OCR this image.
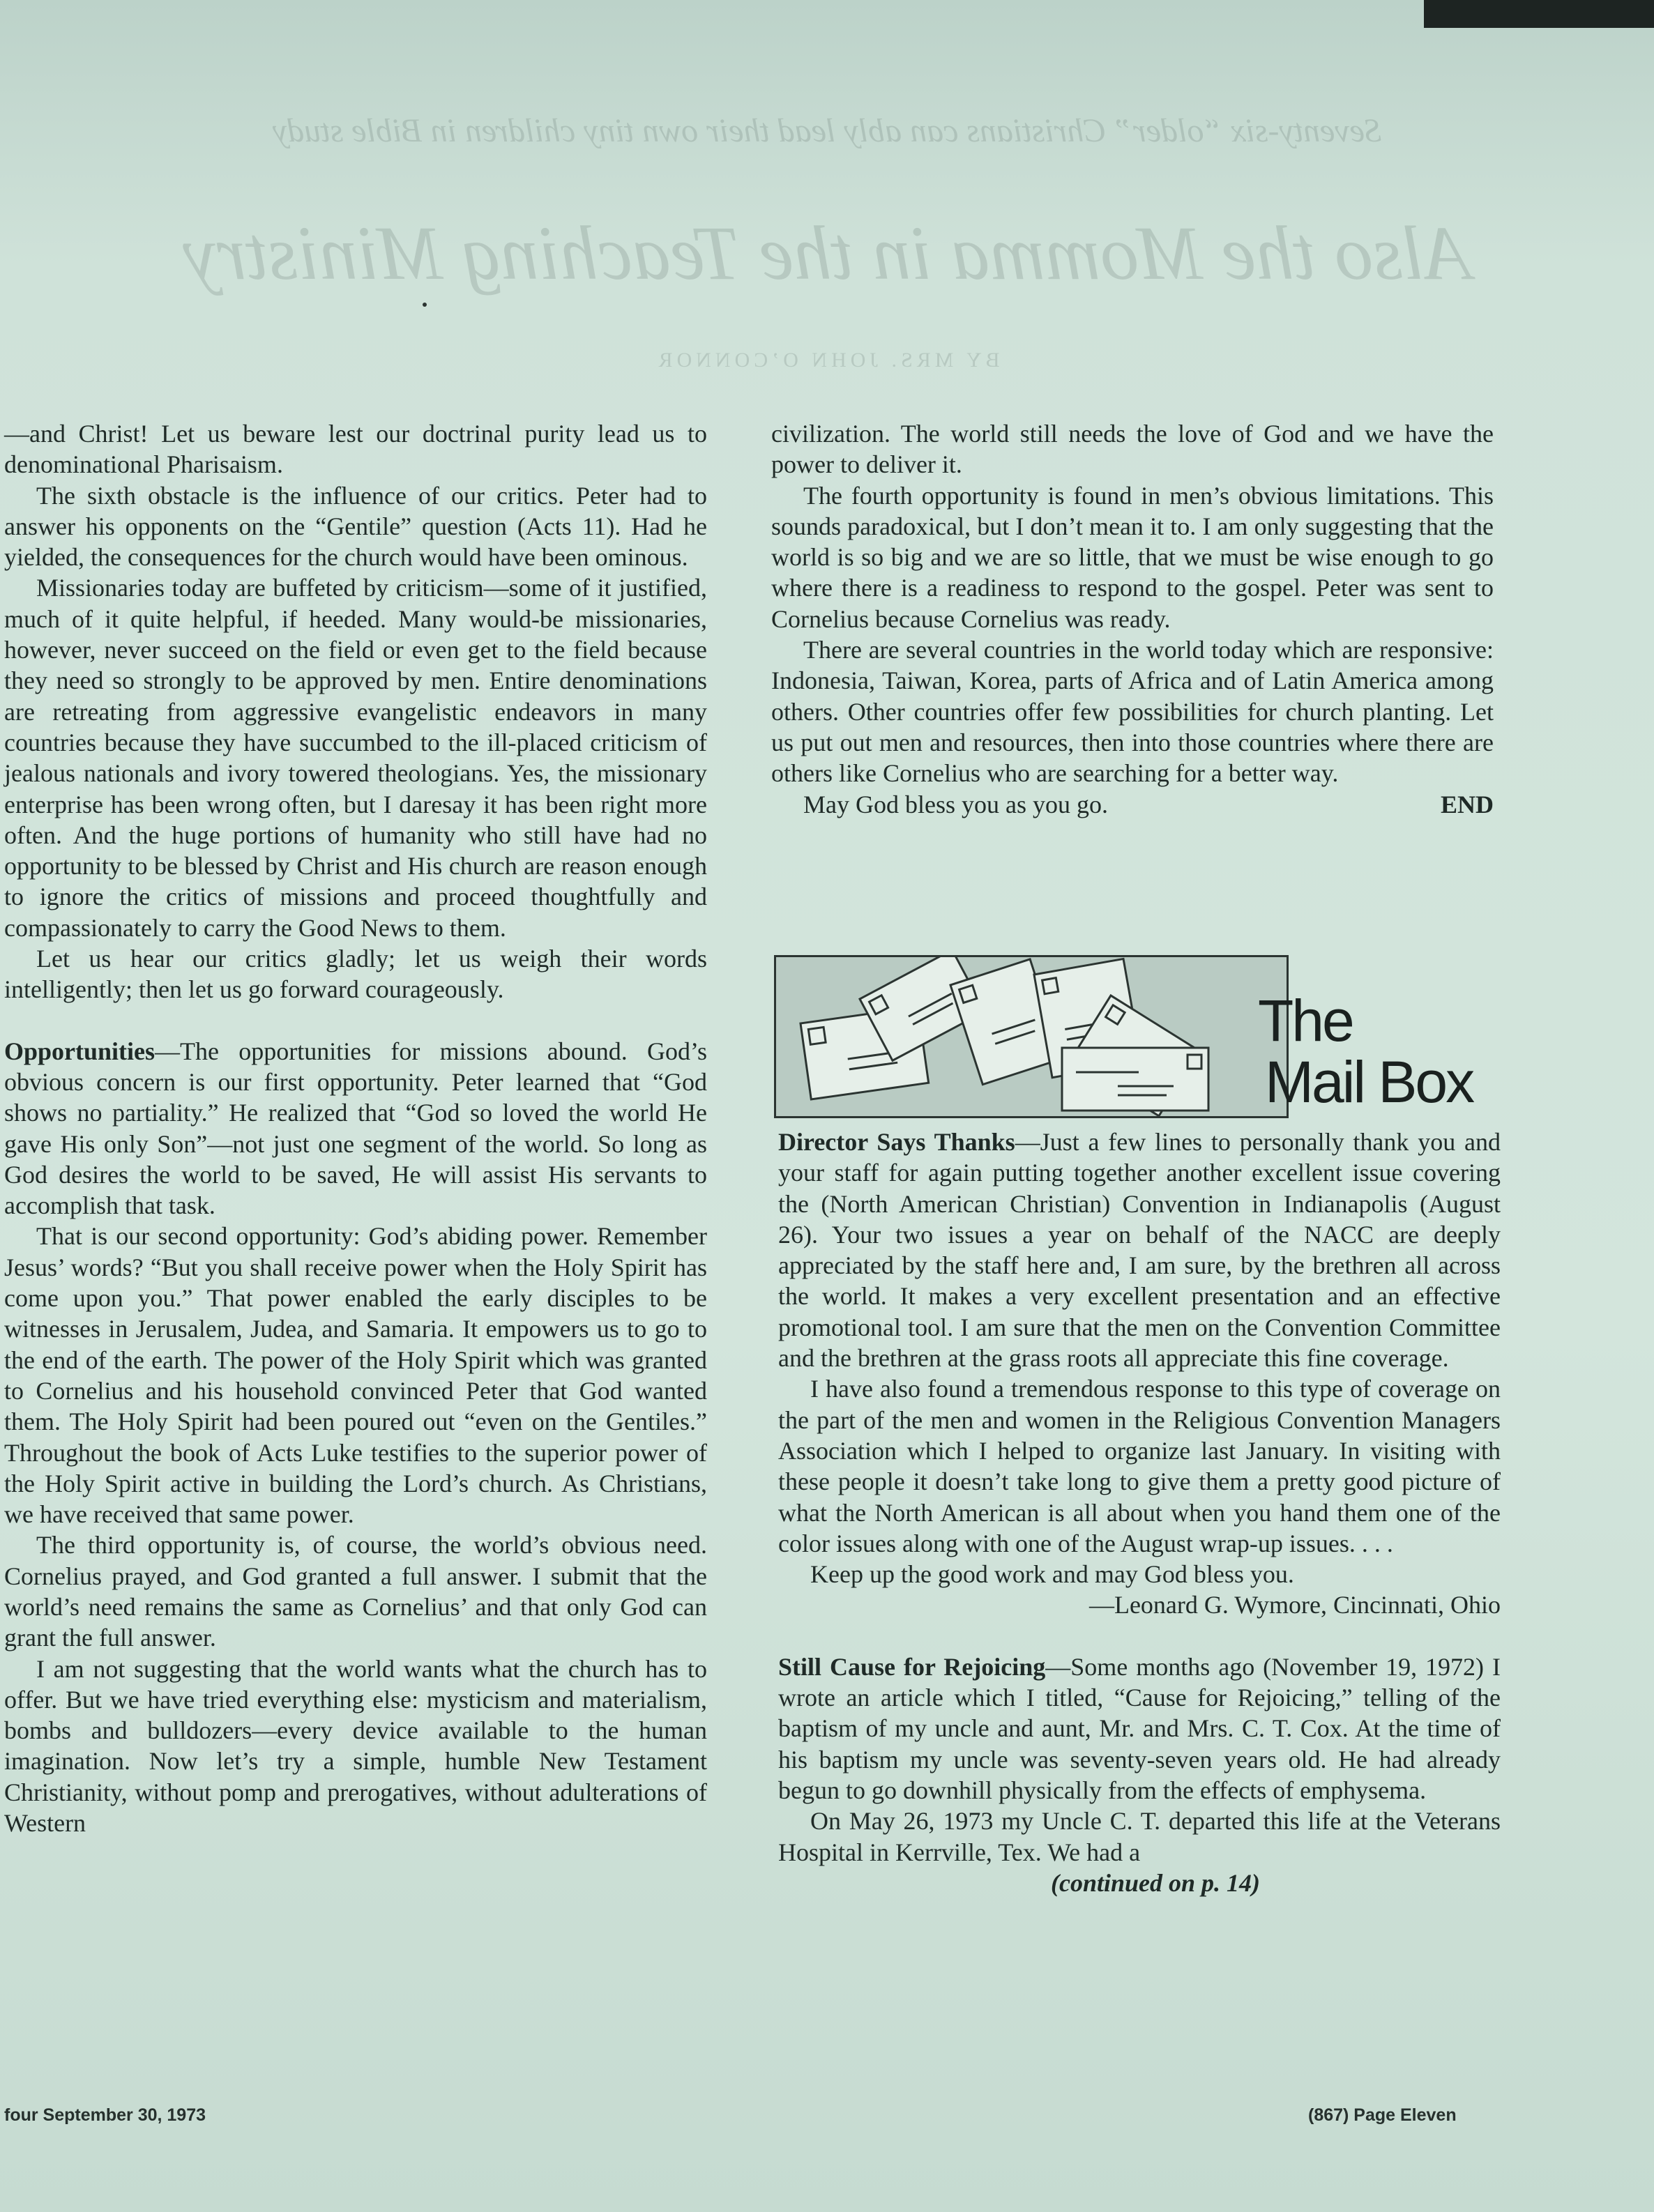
Seventy-six “older” Christians can ably lead their own tiny children in Bible study
Also the Momma in the Teaching Ministry
BY MRS. JOHN O’CONNOR

—and Christ! Let us beware lest our doctrinal purity lead us to denominational Pharisaism.

The sixth obstacle is the influence of our critics. Peter had to answer his opponents on the “Gentile” question (Acts 11). Had he yielded, the consequences for the church would have been ominous.

Missionaries today are buffeted by criticism—some of it justified, much of it quite helpful, if heeded. Many would-be missionaries, however, never succeed on the field or even get to the field because they need so strongly to be approved by men. Entire denominations are retreating from aggressive evangelistic endeavors in many countries because they have succumbed to the ill-placed criticism of jealous nationals and ivory towered theologians. Yes, the missionary enterprise has been wrong often, but I daresay it has been right more often. And the huge portions of humanity who still have had no opportunity to be blessed by Christ and His church are reason enough to ignore the critics of missions and proceed thoughtfully and compassionately to carry the Good News to them.

Let us hear our critics gladly; let us weigh their words intelligently; then let us go forward courageously.

Opportunities—The opportunities for missions abound. God’s obvious concern is our first opportunity. Peter learned that “God shows no partiality.” He realized that “God so loved the world He gave His only Son”—not just one segment of the world. So long as God desires the world to be saved, He will assist His servants to accomplish that task.

That is our second opportunity: God’s abiding power. Remember Jesus’ words? “But you shall receive power when the Holy Spirit has come upon you.” That power enabled the early disciples to be witnesses in Jerusalem, Judea, and Samaria. It empowers us to go to the end of the earth. The power of the Holy Spirit which was granted to Cornelius and his household convinced Peter that God wanted them. The Holy Spirit had been poured out “even on the Gentiles.” Throughout the book of Acts Luke testifies to the superior power of the Holy Spirit active in building the Lord’s church. As Christians, we have received that same power.

The third opportunity is, of course, the world’s obvious need. Cornelius prayed, and God granted a full answer. I submit that the world’s need remains the same as Cornelius’ and that only God can grant the full answer.

I am not suggesting that the world wants what the church has to offer. But we have tried everything else: mysticism and materialism, bombs and bulldozers—every device available to the human imagination. Now let’s try a simple, humble New Testament Christianity, without pomp and prerogatives, without adulterations of Western

civilization. The world still needs the love of God and we have the power to deliver it.

The fourth opportunity is found in men’s obvious limitations. This sounds paradoxical, but I don’t mean it to. I am only suggesting that the world is so big and we are so little, that we must be wise enough to go where there is a readiness to respond to the gospel. Peter was sent to Cornelius because Cornelius was ready.

There are several countries in the world today which are responsive: Indonesia, Taiwan, Korea, parts of Africa and of Latin America among others. Other countries offer few possibilities for church planting. Let us put out men and resources, then into those countries where there are others like Cornelius who are searching for a better way.

May God bless you as you go.	END
The
Mail Box

Director Says Thanks—Just a few lines to personally thank you and your staff for again putting together another excellent issue covering the (North American Christian) Convention in Indianapolis (August 26). Your two issues a year on behalf of the NACC are deeply appreciated by the staff here and, I am sure, by the brethren all across the world. It makes a very excellent presentation and an effective promotional tool. I am sure that the men on the Convention Committee and the brethren at the grass roots all appreciate this fine coverage.

I have also found a tremendous response to this type of coverage on the part of the men and women in the Religious Convention Managers Association which I helped to organize last January. In visiting with these people it doesn’t take long to give them a pretty good picture of what the North American is all about when you hand them one of the color issues along with one of the August wrap-up issues. . . .

Keep up the good work and may God bless you.

—Leonard G. Wymore, Cincinnati, Ohio

Still Cause for Rejoicing—Some months ago (November 19, 1972) I wrote an article which I titled, “Cause for Rejoicing,” telling of the baptism of my uncle and aunt, Mr. and Mrs. C. T. Cox. At the time of his baptism my uncle was seventy-seven years old. He had already begun to go downhill physically from the effects of emphysema.

On May 26, 1973 my Uncle C. T. departed this life at the Veterans Hospital in Kerrville, Tex. We had a

(continued on p. 14)

four September 30, 1973	(867) Page Eleven
